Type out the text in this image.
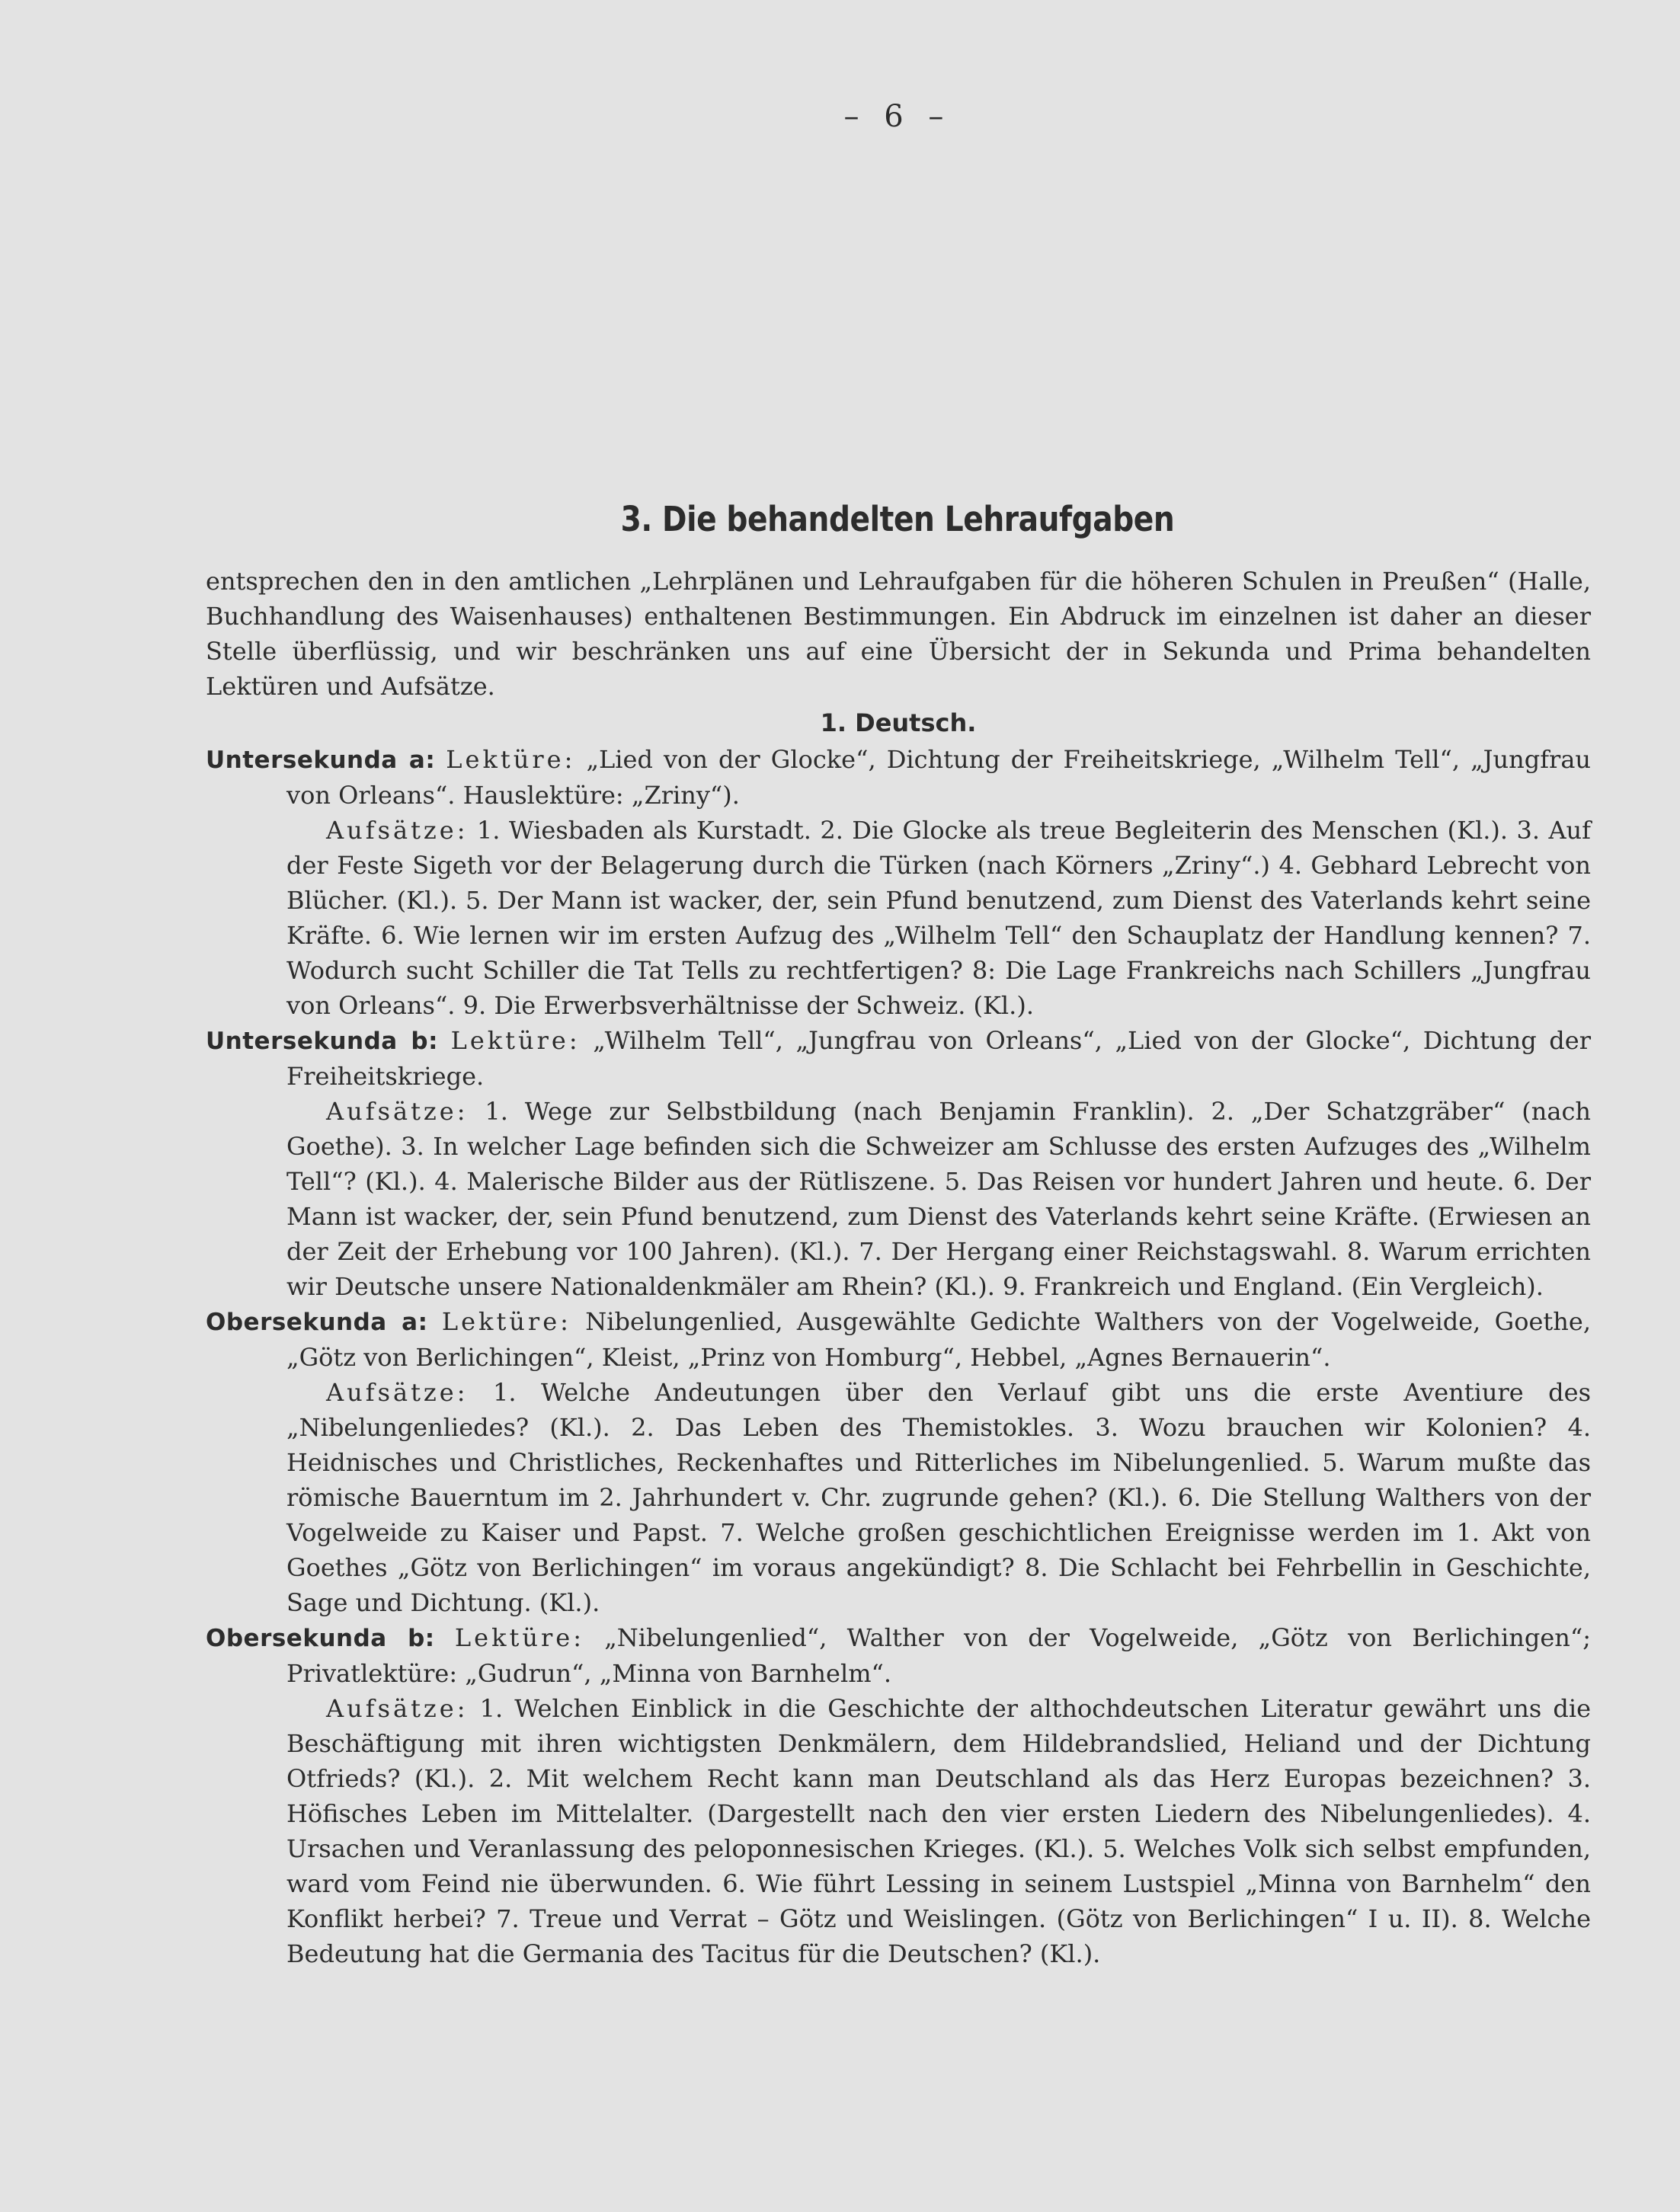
– 6 –
3. Die behandelten Lehraufgaben

entsprechen den in den amtlichen „Lehrplänen und Lehraufgaben für die höheren Schulen in Preußen“ (Halle, Buchhandlung des Waisenhauses) enthaltenen Bestimmungen. Ein Abdruck im einzelnen ist daher an dieser Stelle überflüssig, und wir beschränken uns auf eine Übersicht der in Sekunda und Prima behandelten Lektüren und Aufsätze.

1. Deutsch.

Untersekunda a: Lektüre: „Lied von der Glocke“, Dichtung der Freiheitskriege, „Wilhelm Tell“, „Jungfrau von Orleans“. Hauslektüre: „Zriny“).

Aufsätze: 1. Wiesbaden als Kurstadt. 2. Die Glocke als treue Begleiterin des Menschen (Kl.). 3. Auf der Feste Sigeth vor der Belagerung durch die Türken (nach Körners „Zriny“.) 4. Gebhard Lebrecht von Blücher. (Kl.). 5. Der Mann ist wacker, der, sein Pfund benutzend, zum Dienst des Vaterlands kehrt seine Kräfte. 6. Wie lernen wir im ersten Aufzug des „Wilhelm Tell“ den Schauplatz der Handlung kennen? 7. Wodurch sucht Schiller die Tat Tells zu rechtfertigen? 8: Die Lage Frankreichs nach Schillers „Jungfrau von Orleans“. 9. Die Erwerbsverhältnisse der Schweiz. (Kl.).

Untersekunda b: Lektüre: „Wilhelm Tell“, „Jungfrau von Orleans“, „Lied von der Glocke“, Dichtung der Freiheitskriege.

Aufsätze: 1. Wege zur Selbstbildung (nach Benjamin Franklin). 2. „Der Schatzgräber“ (nach Goethe). 3. In welcher Lage befinden sich die Schweizer am Schlusse des ersten Aufzuges des „Wilhelm Tell“? (Kl.). 4. Malerische Bilder aus der Rütliszene. 5. Das Reisen vor hundert Jahren und heute. 6. Der Mann ist wacker, der, sein Pfund benutzend, zum Dienst des Vaterlands kehrt seine Kräfte. (Erwiesen an der Zeit der Erhebung vor 100 Jahren). (Kl.). 7. Der Hergang einer Reichstagswahl. 8. Warum errichten wir Deutsche unsere Nationaldenkmäler am Rhein? (Kl.). 9. Frankreich und England. (Ein Vergleich).

Obersekunda a: Lektüre: Nibelungenlied, Ausgewählte Gedichte Walthers von der Vogelweide, Goethe, „Götz von Berlichingen“, Kleist, „Prinz von Homburg“, Hebbel, „Agnes Bernauerin“.

Aufsätze: 1. Welche Andeutungen über den Verlauf gibt uns die erste Aventiure des „Nibelungenliedes? (Kl.). 2. Das Leben des Themistokles. 3. Wozu brauchen wir Kolonien? 4. Heidnisches und Christliches, Reckenhaftes und Ritterliches im Nibelungenlied. 5. Warum mußte das römische Bauerntum im 2. Jahrhundert v. Chr. zugrunde gehen? (Kl.). 6. Die Stellung Walthers von der Vogelweide zu Kaiser und Papst. 7. Welche großen geschichtlichen Ereignisse werden im 1. Akt von Goethes „Götz von Berlichingen“ im voraus angekündigt? 8. Die Schlacht bei Fehrbellin in Geschichte, Sage und Dichtung. (Kl.).

Obersekunda b: Lektüre: „Nibelungenlied“, Walther von der Vogelweide, „Götz von Berlichingen“; Privatlektüre: „Gudrun“, „Minna von Barnhelm“.

Aufsätze: 1. Welchen Einblick in die Geschichte der althochdeutschen Literatur gewährt uns die Beschäftigung mit ihren wichtigsten Denkmälern, dem Hildebrandslied, Heliand und der Dichtung Otfrieds? (Kl.). 2. Mit welchem Recht kann man Deutschland als das Herz Europas bezeichnen? 3. Höfisches Leben im Mittelalter. (Dargestellt nach den vier ersten Liedern des Nibelungenliedes). 4. Ursachen und Veranlassung des peloponnesischen Krieges. (Kl.). 5. Welches Volk sich selbst empfunden, ward vom Feind nie überwunden. 6. Wie führt Lessing in seinem Lustspiel „Minna von Barnhelm“ den Konflikt herbei? 7. Treue und Verrat – Götz und Weislingen. (Götz von Berlichingen“ I u. II). 8. Welche Bedeutung hat die Germania des Tacitus für die Deutschen? (Kl.).
